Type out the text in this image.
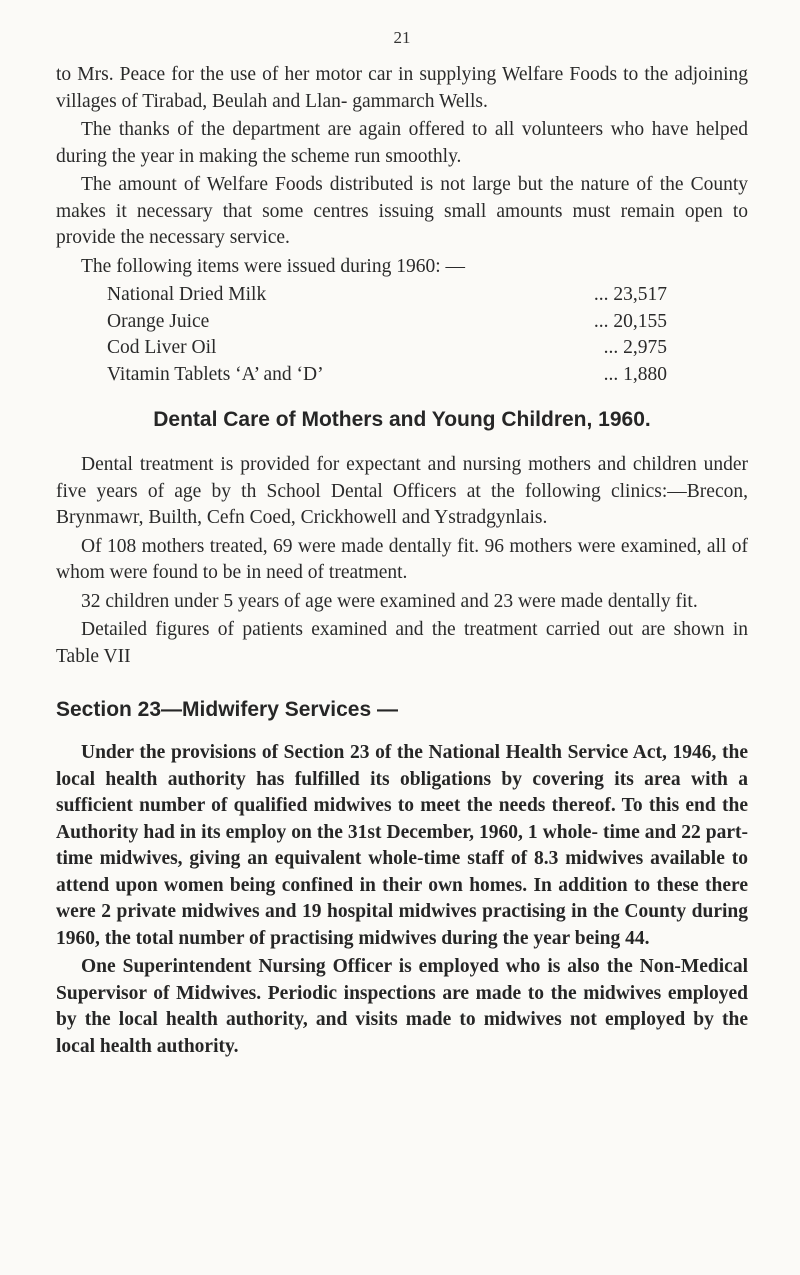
21

to Mrs. Peace for the use of her motor car in supplying Welfare Foods to the adjoining villages of Tirabad, Beulah and Llan- gammarch Wells.

The thanks of the department are again offered to all volunteers who have helped during the year in making the scheme run smoothly.

The amount of Welfare Foods distributed is not large but the nature of the County makes it necessary that some centres issuing small amounts must remain open to provide the necessary service.

The following items were issued during 1960: —

National Dried Milk	... 23,517
Orange Juice	... 20,155
Cod Liver Oil	... 2,975
Vitamin Tablets ‘A’ and ‘D’	... 1,880
Dental Care of Mothers and Young Children, 1960.

Dental treatment is provided for expectant and nursing mothers and children under five years of age by th School Dental Officers at the following clinics:—Brecon, Brynmawr, Builth, Cefn Coed, Crickhowell and Ystradgynlais.

Of 108 mothers treated, 69 were made dentally fit. 96 mothers were examined, all of whom were found to be in need of treatment.

32 children under 5 years of age were examined and 23 were made dentally fit.

Detailed figures of patients examined and the treatment carried out are shown in Table VII

Section 23—Midwifery Services —

Under the provisions of Section 23 of the National Health Service Act, 1946, the local health authority has fulfilled its obligations by covering its area with a sufficient number of qualified midwives to meet the needs thereof. To this end the Authority had in its employ on the 31st December, 1960, 1 whole- time and 22 part-time midwives, giving an equivalent whole-time staff of 8.3 midwives available to attend upon women being confined in their own homes. In addition to these there were 2 private midwives and 19 hospital midwives practising in the County during 1960, the total number of practising midwives during the year being 44.

One Superintendent Nursing Officer is employed who is also the Non-Medical Supervisor of Midwives. Periodic inspections are made to the midwives employed by the local health authority, and visits made to midwives not employed by the local health authority.
